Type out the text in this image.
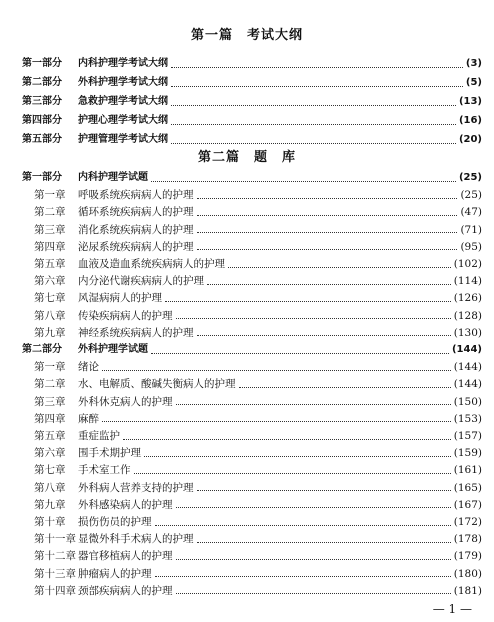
第一篇　考试大纲
第一部分	内科护理学考试大纲	(3)
第二部分	外科护理学考试大纲	(5)
第三部分	急救护理学考试大纲	(13)
第四部分	护理心理学考试大纲	(16)
第五部分	护理管理学考试大纲	(20)
第二篇　题　库
第一部分	内科护理学试题	(25)
第一章	呼吸系统疾病病人的护理	(25)
第二章	循环系统疾病病人的护理	(47)
第三章	消化系统疾病病人的护理	(71)
第四章	泌尿系统疾病病人的护理	(95)
第五章	血液及造血系统疾病病人的护理	(102)
第六章	内分泌代谢疾病病人的护理	(114)
第七章	风湿病病人的护理	(126)
第八章	传染疾病病人的护理	(128)
第九章	神经系统疾病病人的护理	(130)
第二部分	外科护理学试题	(144)
第一章	绪论	(144)
第二章	水、电解质、酸碱失衡病人的护理	(144)
第三章	外科休克病人的护理	(150)
第四章	麻醉	(153)
第五章	重症监护	(157)
第六章	围手术期护理	(159)
第七章	手术室工作	(161)
第八章	外科病人营养支持的护理	(165)
第九章	外科感染病人的护理	(167)
第十章	损伤伤员的护理	(172)
第十一章 显微外科手术病人的护理	(178)
第十二章 器官移植病人的护理	(179)
第十三章 肿瘤病人的护理	(180)
第十四章 颈部疾病病人的护理	(181)
— 1 —
